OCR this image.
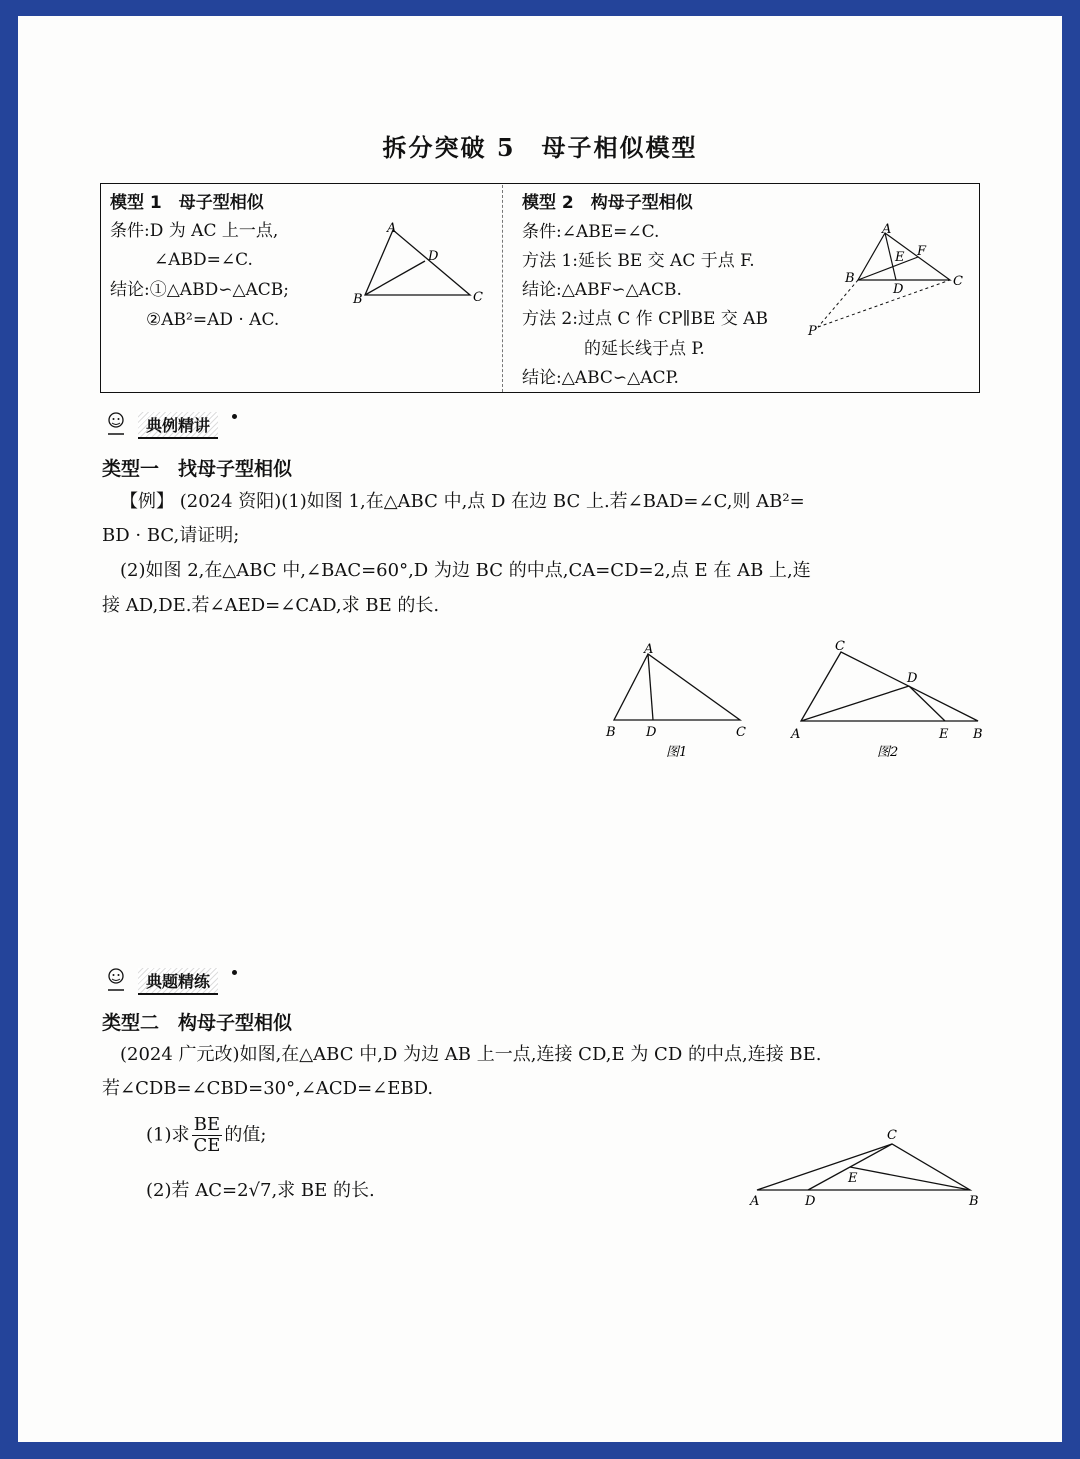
拆分突破 5　母子相似模型
模型 1　母子型相似
条件:D 为 AC 上一点,
∠ABD=∠C.
结论:①△ABD∽△ACB;
②AB²=AD · AC.
A
B	C
D
模型 2　构母子型相似
条件:∠ABE=∠C.
方法 1:延长 BE 交 AC 于点 F.
结论:△ABF∽△ACB.
方法 2:过点 C 作 CP∥BE 交 AB
的延长线于点 P.
结论:△ABC∽△ACP.
A
B	C
D
E F
P
典例精讲
类型一　找母子型相似
【例】 (2024 资阳)(1)如图 1,在△ABC 中,点 D 在边 BC 上.若∠BAD=∠C,则 AB²=
BD · BC,请证明;
(2)如图 2,在△ABC 中,∠BAC=60°,D 为边 BC 的中点,CA=CD=2,点 E 在 AB 上,连
接 AD,DE.若∠AED=∠CAD,求 BE 的长.
A
B D	C
图1
C
D
A	E B
图2
典题精练
类型二　构母子型相似
(2024 广元改)如图,在△ABC 中,D 为边 AB 上一点,连接 CD,E 为 CD 的中点,连接 BE.
若∠CDB=∠CBD=30°,∠ACD=∠EBD.
(1)求 $\frac{BE}{CE}$ 的值;
(2)若 AC=2√7,求 BE 的长.
C
E
A	D	B
